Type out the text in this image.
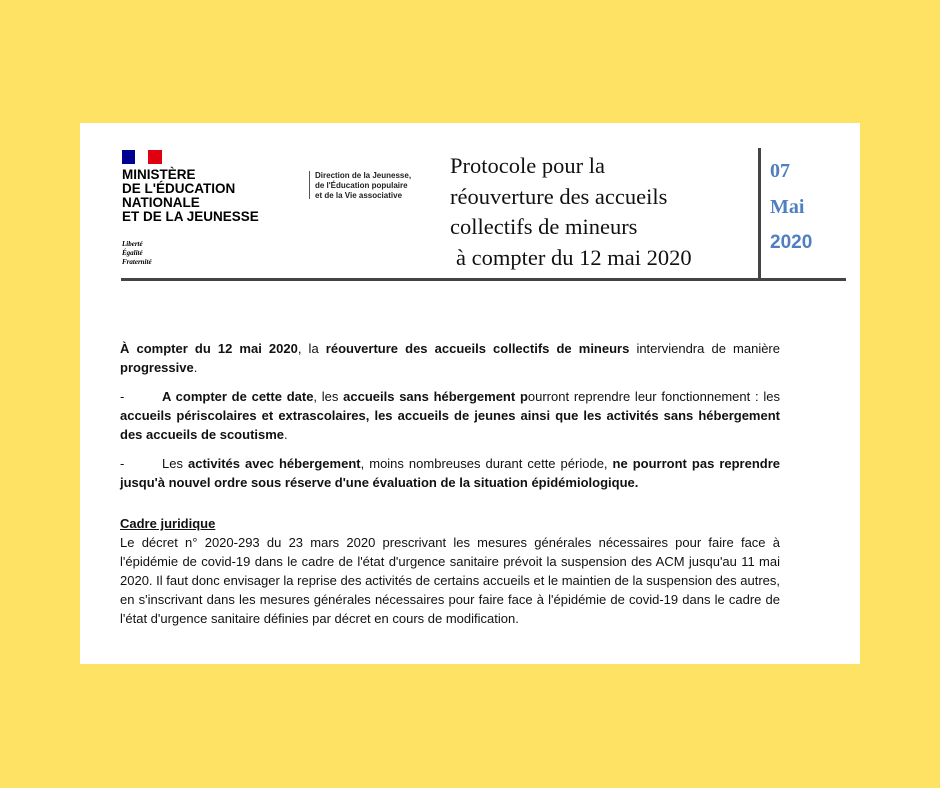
MINISTÈRE
DE L'ÉDUCATION
NATIONALE
ET DE LA JEUNESSE
Liberté
Égalité
Fraternité
Direction de la Jeunesse,
de l'Éducation populaire
et de la Vie associative
Protocole pour la
réouverture des accueils
collectifs de mineurs
à compter du 12 mai 2020
07
Mai
2020

À compter du 12 mai 2020, la réouverture des accueils collectifs de mineurs interviendra de manière progressive.

-	A compter de cette date, les accueils sans hébergement pourront reprendre leur fonctionnement : les accueils périscolaires et extrascolaires, les accueils de jeunes ainsi que les activités sans hébergement des accueils de scoutisme.

-	Les activités avec hébergement, moins nombreuses durant cette période, ne pourront pas reprendre jusqu'à nouvel ordre sous réserve d'une évaluation de la situation épidémiologique.

Cadre juridique

Le décret n° 2020-293 du 23 mars 2020 prescrivant les mesures générales nécessaires pour faire face à l'épidémie de covid-19 dans le cadre de l'état d'urgence sanitaire prévoit la suspension des ACM jusqu'au 11 mai 2020. Il faut donc envisager la reprise des activités de certains accueils et le maintien de la suspension des autres, en s'inscrivant dans les mesures générales nécessaires pour faire face à l'épidémie de covid-19 dans le cadre de l'état d'urgence sanitaire définies par décret en cours de modification.
